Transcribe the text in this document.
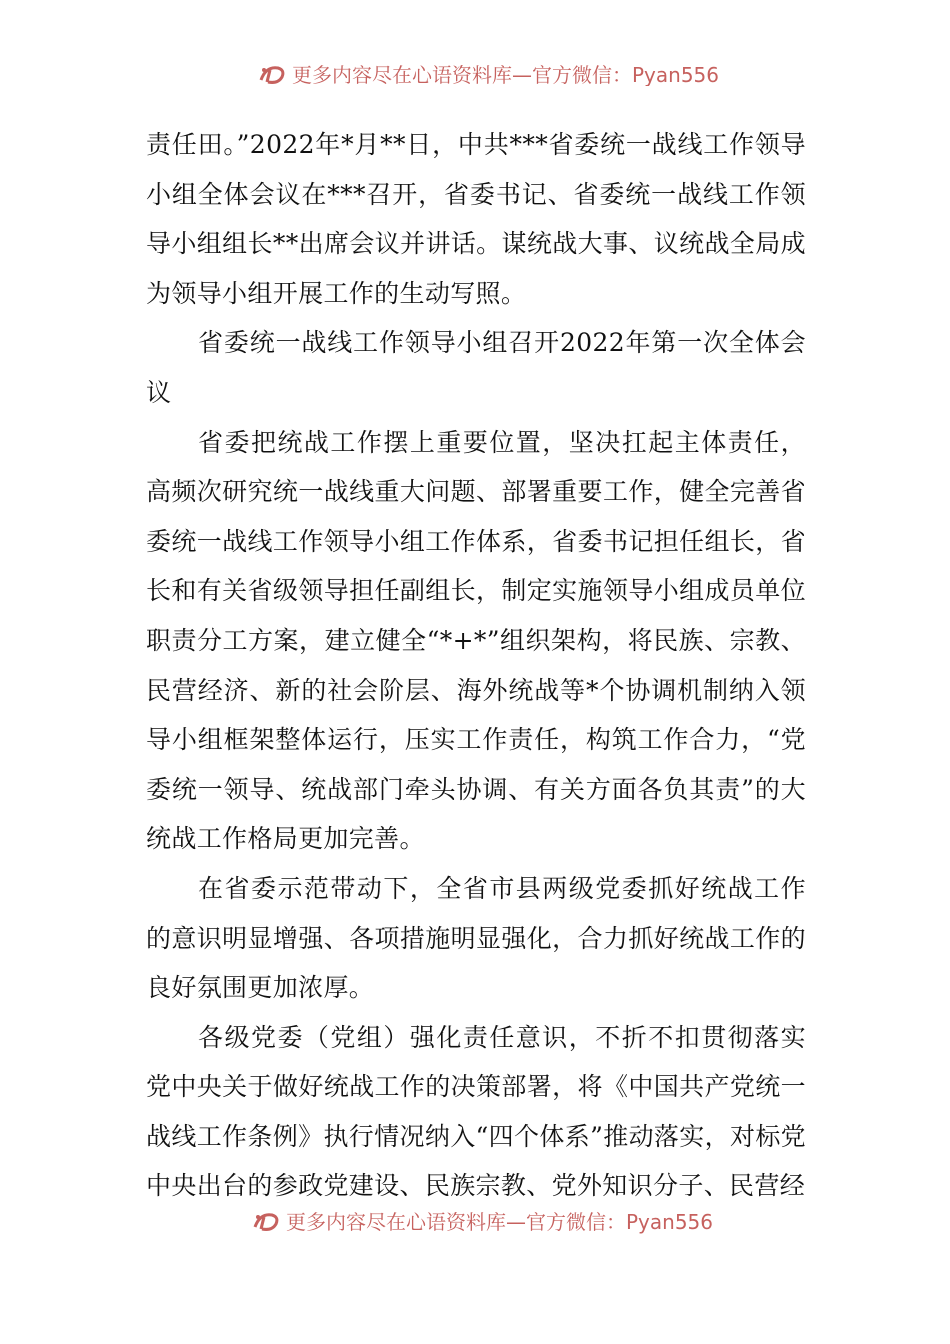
更多内容尽在心语资料库—官方微信：Pyan556

责任田。”2022年*月**日，中共***省委统一战线工作领导小组全体会议在***召开，省委书记、省委统一战线工作领导小组组长**出席会议并讲话。谋统战大事、议统战全局成为领导小组开展工作的生动写照。

省委统一战线工作领导小组召开2022年第一次全体会议

省委把统战工作摆上重要位置，坚决扛起主体责任，高频次研究统一战线重大问题、部署重要工作，健全完善省委统一战线工作领导小组工作体系，省委书记担任组长，省长和有关省级领导担任副组长，制定实施领导小组成员单位职责分工方案，建立健全“*+*”组织架构，将民族、宗教、民营经济、新的社会阶层、海外统战等*个协调机制纳入领导小组框架整体运行，压实工作责任，构筑工作合力，“党委统一领导、统战部门牵头协调、有关方面各负其责”的大统战工作格局更加完善。

在省委示范带动下，全省市县两级党委抓好统战工作的意识明显增强、各项措施明显强化，合力抓好统战工作的良好氛围更加浓厚。

各级党委（党组）强化责任意识，不折不扣贯彻落实党中央关于做好统战工作的决策部署，将《中国共产党统一战线工作条例》执行情况纳入“四个体系”推动落实，对标党中央出台的参政党建设、民族宗教、党外知识分子、民营经

更多内容尽在心语资料库—官方微信：Pyan556
